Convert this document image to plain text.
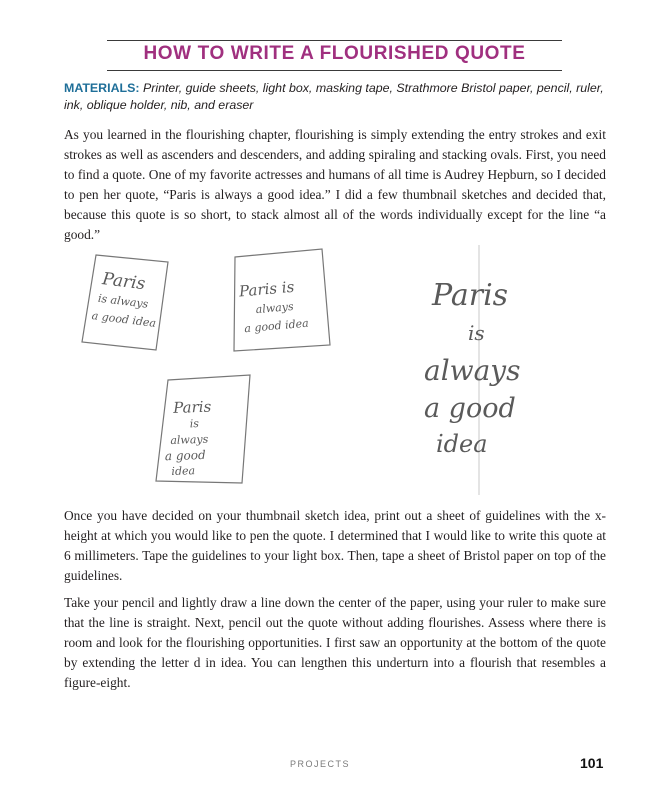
HOW TO WRITE A FLOURISHED QUOTE
MATERIALS: Printer, guide sheets, light box, masking tape, Strathmore Bristol paper, pencil, ruler, ink, oblique holder, nib, and eraser

As you learned in the flourishing chapter, flourishing is simply extending the entry strokes and exit strokes as well as ascenders and descenders, and adding spiraling and stacking ovals. First, you need to find a quote. One of my favorite actresses and humans of all time is Audrey Hepburn, so I decided to pen her quote, “Paris is always a good idea.” I did a few thumbnail sketches and decided that, because this quote is so short, to stack almost all of the words individually except for the line “a good.”

Paris
is always
a good idea
Paris is
always
a good idea
Paris
is
always
a good
idea
Paris
is
always
a good
idea

Once you have decided on your thumbnail sketch idea, print out a sheet of guidelines with the x-height at which you would like to pen the quote. I determined that I would like to write this quote at 6 millimeters. Tape the guidelines to your light box. Then, tape a sheet of Bristol paper on top of the guidelines.

Take your pencil and lightly draw a line down the center of the paper, using your ruler to make sure that the line is straight. Next, pencil out the quote without adding flourishes. Assess where there is room and look for the flourishing opportunities. I first saw an opportunity at the bottom of the quote by extending the letter d in idea. You can lengthen this underturn into a flourish that resembles a figure-eight.

PROJECTS	101
